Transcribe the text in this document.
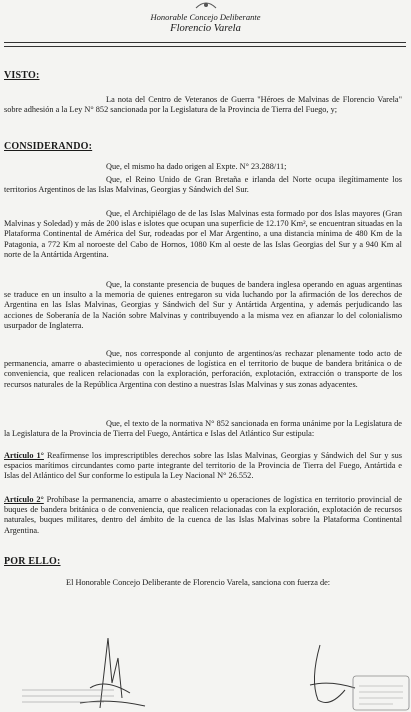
Honorable Concejo Deliberante
Florencio Varela
VISTO:

La nota del Centro de Veteranos de Guerra "Héroes de Malvinas de Florencio Varela" sobre adhesión a la Ley N° 852 sancionada por la Legislatura de la Provincia de Tierra del Fuego, y;

CONSIDERANDO:

Que, el mismo ha dado origen al Expte. N° 23.288/11;

Que, el Reino Unido de Gran Bretaña e irlanda del Norte ocupa ilegítimamente los territorios Argentinos de las Islas Malvinas, Georgias y Sándwich del Sur.

Que, el Archipiélago de de las Islas Malvinas esta formado por dos Islas mayores (Gran Malvinas y Soledad) y más de 200 islas e islotes que ocupan una superficie de 12.170 Km², se encuentran situadas en la Plataforma Continental de América del Sur, rodeadas por el Mar Argentino, a una distancia mínima de 480 Km de la Patagonia, a 772 Km al noroeste del Cabo de Hornos, 1080 Km al oeste de las Islas Georgias del Sur y a 940 Km al norte de la Antártida Argentina.

Que, la constante presencia de buques de bandera inglesa operando en aguas argentinas se traduce en un insulto a la memoria de quienes entregaron su vida luchando por la afirmación de los derechos de Argentina en las Islas Malvinas, Georgias y Sándwich del Sur y Antártida Argentina, y además perjudicando las acciones de Soberanía de la Nación sobre Malvinas y contribuyendo a la misma vez en afianzar lo del colonialismo usurpador de Inglaterra.

Que, nos corresponde al conjunto de argentinos/as rechazar plenamente todo acto de permanencia, amarre o abastecimiento u operaciones de logística en el territorio de buque de bandera británica o de conveniencia, que realicen relacionadas con la exploración, perforación, explotación, extracción o transporte de los recursos naturales de la República Argentina con destino a nuestras Islas Malvinas y sus zonas adyacentes.

Que, el texto de la normativa N° 852 sancionada en forma unánime por la Legislatura de la Legislatura de la Provincia de Tierra del Fuego, Antártica e Islas del Atlántico Sur estipula:

Artículo 1° Reafírmense los imprescriptibles derechos sobre las Islas Malvinas, Georgias y Sándwich del Sur y sus espacios marítimos circundantes como parte integrante del territorio de la Provincia de Tierra del Fuego, Antártida e Islas del Atlántico del Sur conforme lo estipula la Ley Nacional N° 26.552.

Artículo 2° Prohíbase la permanencia, amarre o abastecimiento u operaciones de logística en territorio provincial de buques de bandera británica o de conveniencia, que realicen relacionadas con la exploración, explotación de recursos naturales, buques militares, dentro del ámbito de la cuenca de las Islas Malvinas sobre la Plataforma Continental Argentina.

POR ELLO:

El Honorable Concejo Deliberante de Florencio Varela, sanciona con fuerza de:
